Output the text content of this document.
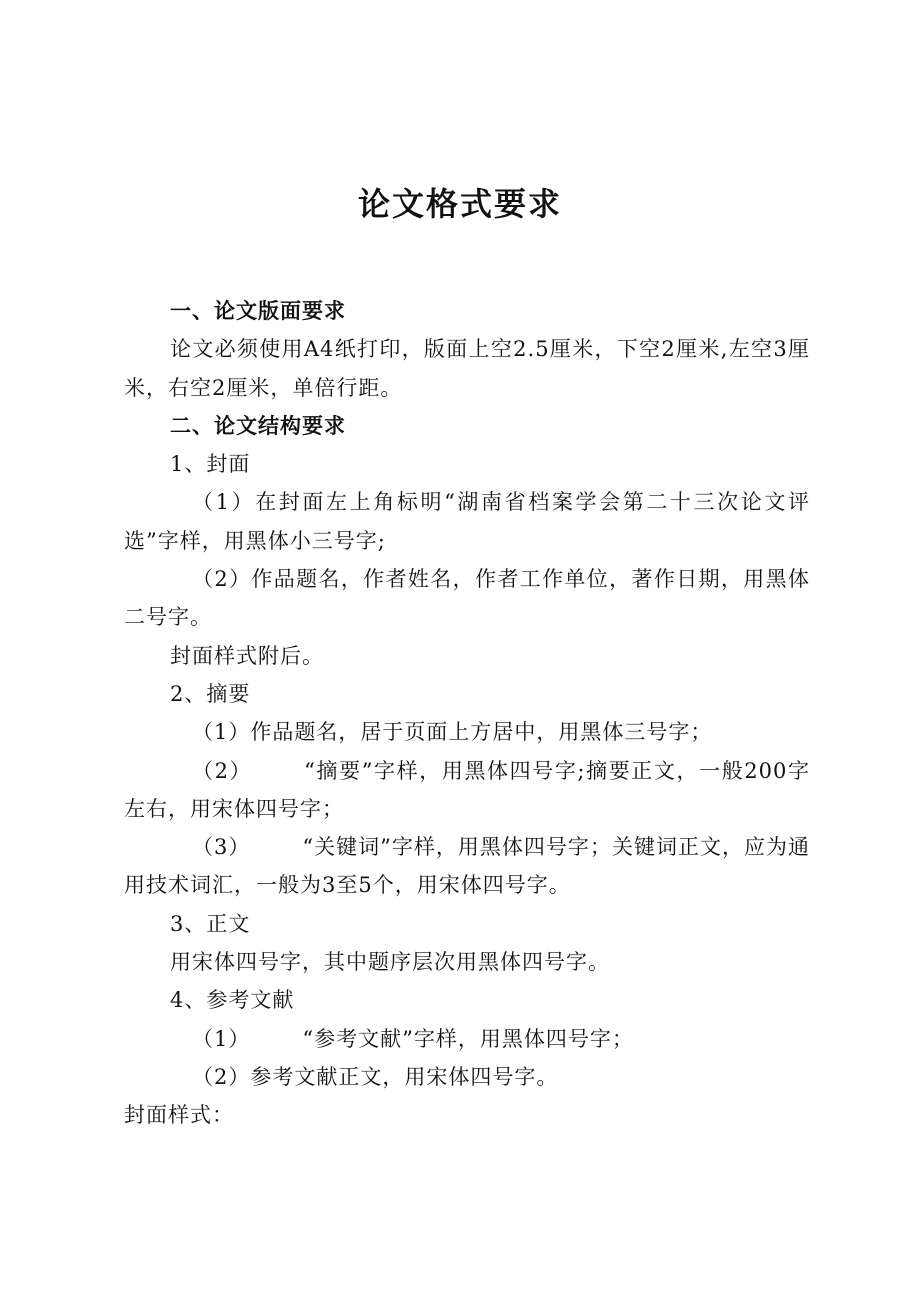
论文格式要求

一、论文版面要求

论文必须使用A4纸打印，版面上空2.5厘米，下空2厘米,左空3厘米，右空2厘米，单倍行距。

二、论文结构要求

1、封面

（1）在封面左上角标明“湖南省档案学会第二十三次论文评选”字样，用黑体小三号字;

（2）作品题名，作者姓名，作者工作单位，著作日期，用黑体二号字。

封面样式附后。

2、摘要

（1）作品题名，居于页面上方居中，用黑体三号字；

（2） “摘要”字样，用黑体四号字;摘要正文，一般200字左右，用宋体四号字；

（3） “关键词”字样，用黑体四号字；关键词正文，应为通用技术词汇，一般为3至5个，用宋体四号字。

3、正文

用宋体四号字，其中题序层次用黑体四号字。

4、参考文献

（1） “参考文献”字样，用黑体四号字；

（2）参考文献正文，用宋体四号字。

封面样式：
